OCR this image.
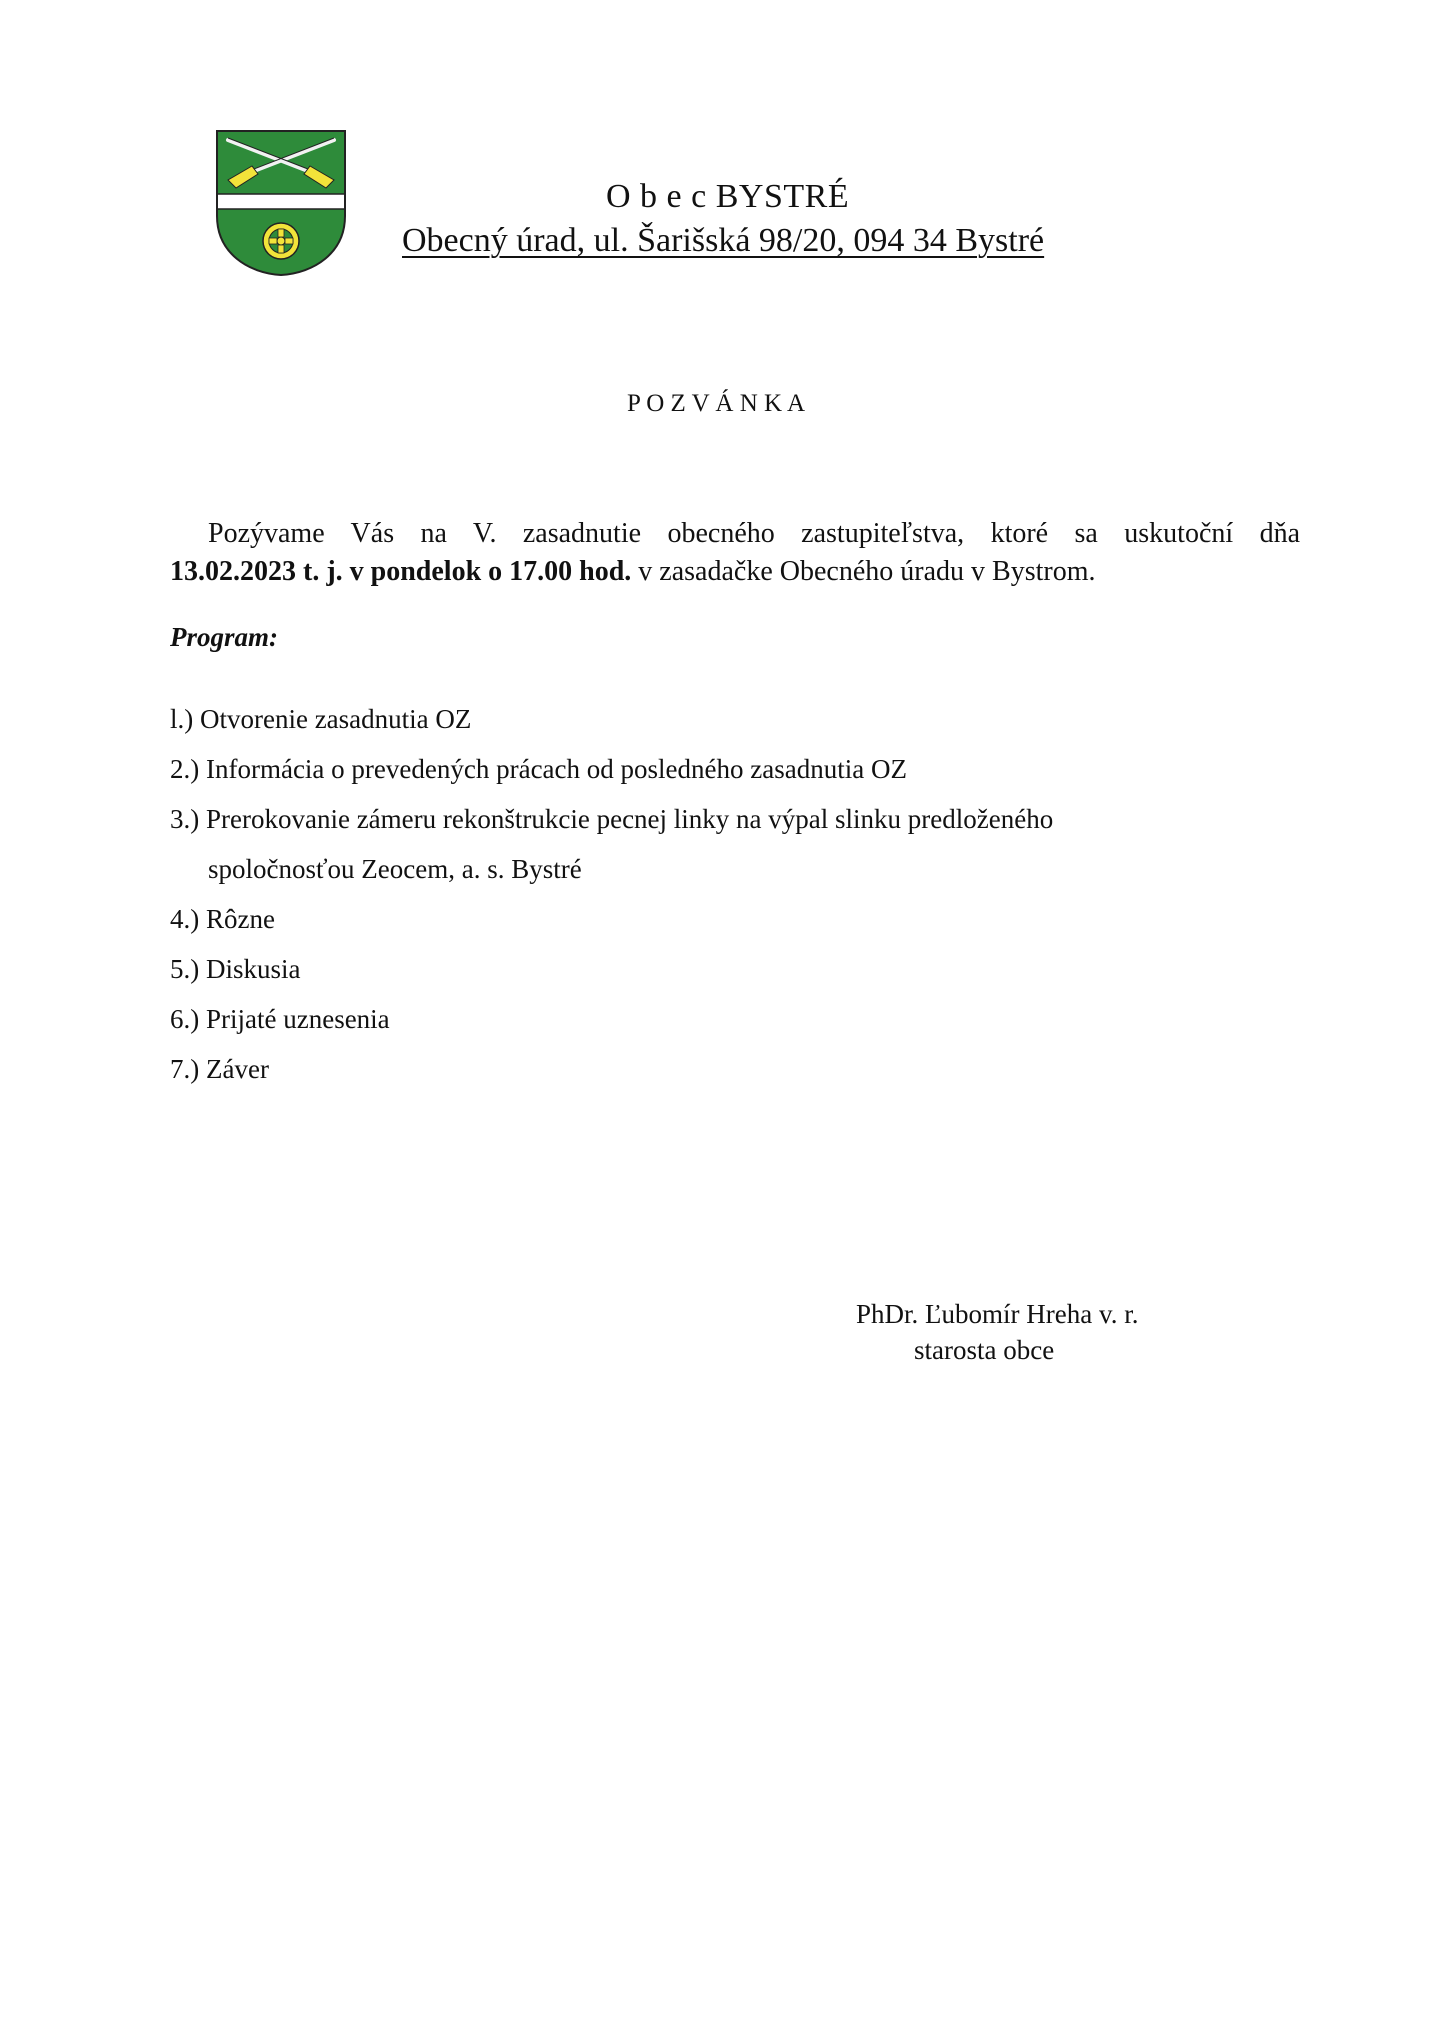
O b e c BYSTRÉ
Obecný úrad, ul. Šarišská 98/20, 094 34 Bystré
P O Z V Á N K A
Pozývame Vás na V. zasadnutie obecného zastupiteľstva, ktoré sa uskutoční dňa
13.02.2023 t. j. v pondelok o 17.00 hod. v zasadačke Obecného úradu v Bystrom.
Program:
l.) Otvorenie zasadnutia OZ
2.) Informácia o prevedených prácach od posledného zasadnutia OZ
3.) Prerokovanie zámeru rekonštrukcie pecnej linky na výpal slinku predloženého
spoločnosťou Zeocem, a. s. Bystré
4.) Rôzne
5.) Diskusia
6.) Prijaté uznesenia
7.) Záver
PhDr. Ľubomír Hreha v. r.
starosta obce
